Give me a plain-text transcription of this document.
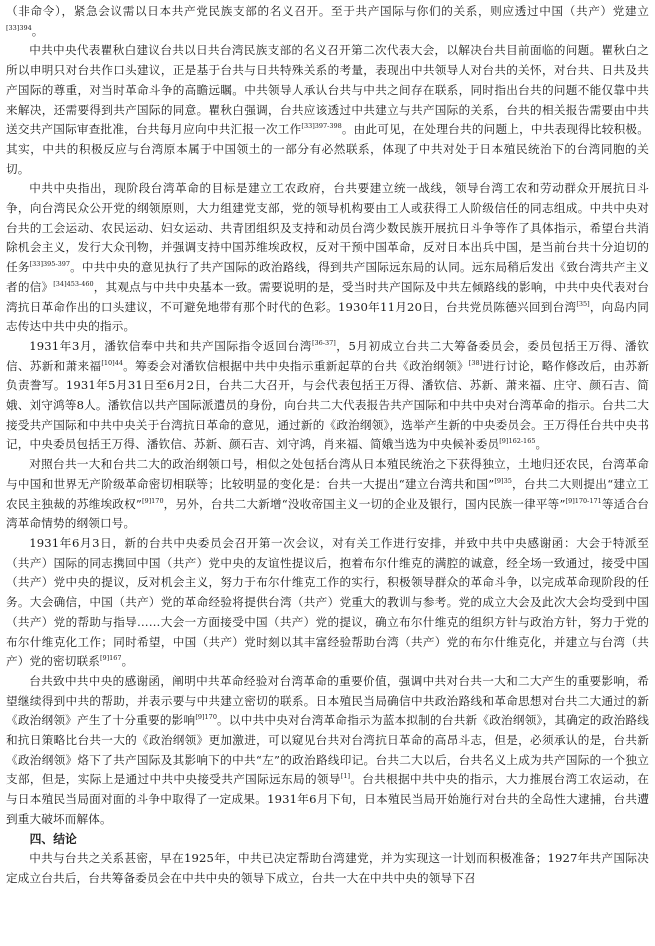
（非命令），紧急会议需以日本共产党民族支部的名义召开。至于共产国际与你们的关系，则应透过中国（共产）党建立$^{[33]394}$。

中共中央代表瞿秋白建议台共以日共台湾民族支部的名义召开第二次代表大会，以解决台共目前面临的问题。瞿秋白之所以申明只对台共作口头建议，正是基于台共与日共特殊关系的考量，表现出中共领导人对台共的关怀，对台共、日共及共产国际的尊重，对当时革命斗争的高瞻远瞩。中共领导人承认台共与中共之间存在联系，同时指出台共的问题不能仅靠中共来解决，还需要得到共产国际的同意。瞿秋白强调，台共应该透过中共建立与共产国际的关系，台共的相关报告需要由中共送交共产国际审查批准，台共每月应向中共汇报一次工作$^{[33]397-398}$。由此可见，在处理台共的问题上，中共表现得比较积极。其实，中共的积极反应与台湾原本属于中国领土的一部分有必然联系，体现了中共对处于日本殖民统治下的台湾同胞的关切。

中共中央指出，现阶段台湾革命的目标是建立工农政府，台共要建立统一战线，领导台湾工农和劳动群众开展抗日斗争，向台湾民众公开党的纲领原则，大力组建党支部，党的领导机构要由工人或获得工人阶级信任的同志组成。中共中央对台共的工会运动、农民运动、妇女运动、共青团组织及支持和动员台湾少数民族开展抗日斗争等作了具体指示，希望台共消除机会主义，发行大众刊物，并强调支持中国苏维埃政权，反对干预中国革命，反对日本出兵中国，是当前台共十分迫切的任务$^{[33]395-397}$。中共中央的意见执行了共产国际的政治路线，得到共产国际远东局的认同。远东局稍后发出《致台湾共产主义者的信》$^{[34]453-460}$，其观点与中共中央基本一致。需要说明的是，受当时共产国际及中共左倾路线的影响，中共中央代表对台湾抗日革命作出的口头建议，不可避免地带有那个时代的色彩。1930年11月20日，台共党员陈德兴回到台湾[35]，向岛内同志传达中共中央的指示。

1931年3月，潘钦信奉中共和共产国际指令返回台湾[36-37]，5月初成立台共二大筹备委员会，委员包括王万得、潘钦信、苏新和萧来福$^{[10]44}$。筹委会对潘钦信根据中共中央指示重新起草的台共《政治纲领》[38]进行讨论，略作修改后，由苏新负责誊写。1931年5月31日至6月2日，台共二大召开，与会代表包括王万得、潘钦信、苏新、萧来福、庄守、颜石吉、简娥、刘守鸿等8人。潘钦信以共产国际派遣员的身份，向台共二大代表报告共产国际和中共中央对台湾革命的指示。台共二大接受共产国际和中共中央关于台湾抗日革命的意见，通过新的《政治纲领》，选举产生新的中央委员会。王万得任台共中央书记，中央委员包括王万得、潘钦信、苏新、颜石吉、刘守鸿，肖来福、简娥当选为中央候补委员$^{[9]162-165}$。

对照台共一大和台共二大的政治纲领口号，相似之处包括台湾从日本殖民统治之下获得独立，土地归还农民，台湾革命与中国和世界无产阶级革命密切相联等；比较明显的变化是：台共一大提出“建立台湾共和国”$^{[9]35}$，台共二大则提出“建立工农民主独裁的苏维埃政权”$^{[9]170}$，另外，台共二大新增“没收帝国主义一切的企业及银行，国内民族一律平等”$^{[9]170-171}$等适合台湾革命情势的纲领口号。

1931年6月3日，新的台共中央委员会召开第一次会议，对有关工作进行安排，并致中共中央感谢函：大会于特派至（共产）国际的同志携回中国（共产）党中央的友谊性提议后，抱着布尔什维克的满腔的诚意，经全场一致通过，接受中国（共产）党中央的提议，反对机会主义，努力于布尔什维克工作的实行，积极领导群众的革命斗争，以完成革命现阶段的任务。大会确信，中国（共产）党的革命经验将提供台湾（共产）党重大的教训与参考。党的成立大会及此次大会均受到中国（共产）党的帮助与指导……大会一方面接受中国（共产）党的提议，确立布尔什维克的组织方针与政治方针，努力于党的布尔什维克化工作；同时希望，中国（共产）党时刻以其丰富经验帮助台湾（共产）党的布尔什维克化，并建立与台湾（共产）党的密切联系$^{[9]167}$。

台共致中共中央的感谢函，阐明中共革命经验对台湾革命的重要价值，强调中共对台共一大和二大产生的重要影响，希望继续得到中共的帮助，并表示要与中共建立密切的联系。日本殖民当局确信中共政治路线和革命思想对台共二大通过的新《政治纲领》产生了十分重要的影响$^{[9]170}$。以中共中央对台湾革命指示为蓝本拟制的台共新《政治纲领》，其确定的政治路线和抗日策略比台共一大的《政治纲领》更加激进，可以窥见台共对台湾抗日革命的高昂斗志，但是，必须承认的是，台共新《政治纲领》烙下了共产国际及其影响下的中共“左”的政治路线印记。台共二大以后，台共名义上成为共产国际的一个独立支部，但是，实际上是通过中共中央接受共产国际远东局的领导[1]。台共根据中共中央的指示，大力推展台湾工农运动，在与日本殖民当局面对面的斗争中取得了一定成果。1931年6月下旬，日本殖民当局开始施行对台共的全岛性大逮捕，台共遭到重大破坏而解体。

四、结论

中共与台共之关系甚密，早在1925年，中共已决定帮助台湾建党，并为实现这一计划而积极准备；1927年共产国际决定成立台共后，台共筹备委员会在中共中央的领导下成立，台共一大在中共中央的领导下召
